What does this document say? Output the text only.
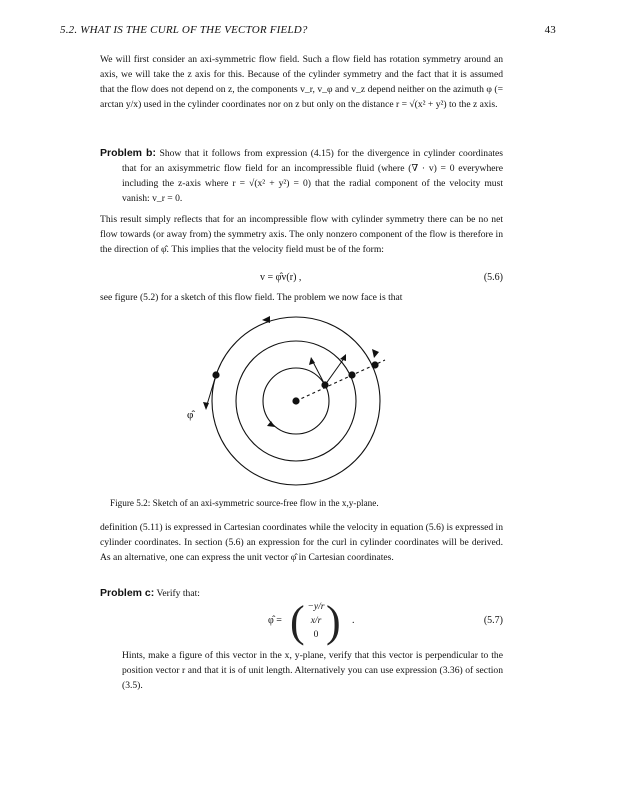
5.2. WHAT IS THE CURL OF THE VECTOR FIELD?	43

We will first consider an axi-symmetric flow field. Such a flow field has rotation symmetry around an axis, we will take the z axis for this. Because of the cylinder symmetry and the fact that it is assumed that the flow does not depend on z, the components v_r, v_φ and v_z depend neither on the azimuth φ (= arctan y/x) used in the cylinder coordinates nor on z but only on the distance r = √(x² + y²) to the z axis.

Problem b: Show that it follows from expression (4.15) for the divergence in cylinder coordinates that for an axisymmetric flow field for an incompressible fluid (where (∇ · v) = 0 everywhere including the z-axis where r = √(x² + y²) = 0) that the radial component of the velocity must vanish: v_r = 0.

This result simply reflects that for an incompressible flow with cylinder symmetry there can be no net flow towards (or away from) the symmetry axis. The only nonzero component of the flow is therefore in the direction of φ̂. This implies that the velocity field must be of the form:

v = φ̂v(r) ,	(5.6)

see figure (5.2) for a sketch of this flow field. The problem we now face is that

φ̂
Figure 5.2: Sketch of an axi-symmetric source-free flow in the x,y-plane.

definition (5.11) is expressed in Cartesian coordinates while the velocity in equation (5.6) is expressed in cylinder coordinates. In section (5.6) an expression for the curl in cylinder coordinates will be derived. As an alternative, one can express the unit vector φ̂ in Cartesian coordinates.

Problem c: Verify that:
φ̂ = ( −y/r
x/r
0 ) .	(5.7)

Hints, make a figure of this vector in the x, y-plane, verify that this vector is perpendicular to the position vector r and that it is of unit length. Alternatively you can use expression (3.36) of section (3.5).
